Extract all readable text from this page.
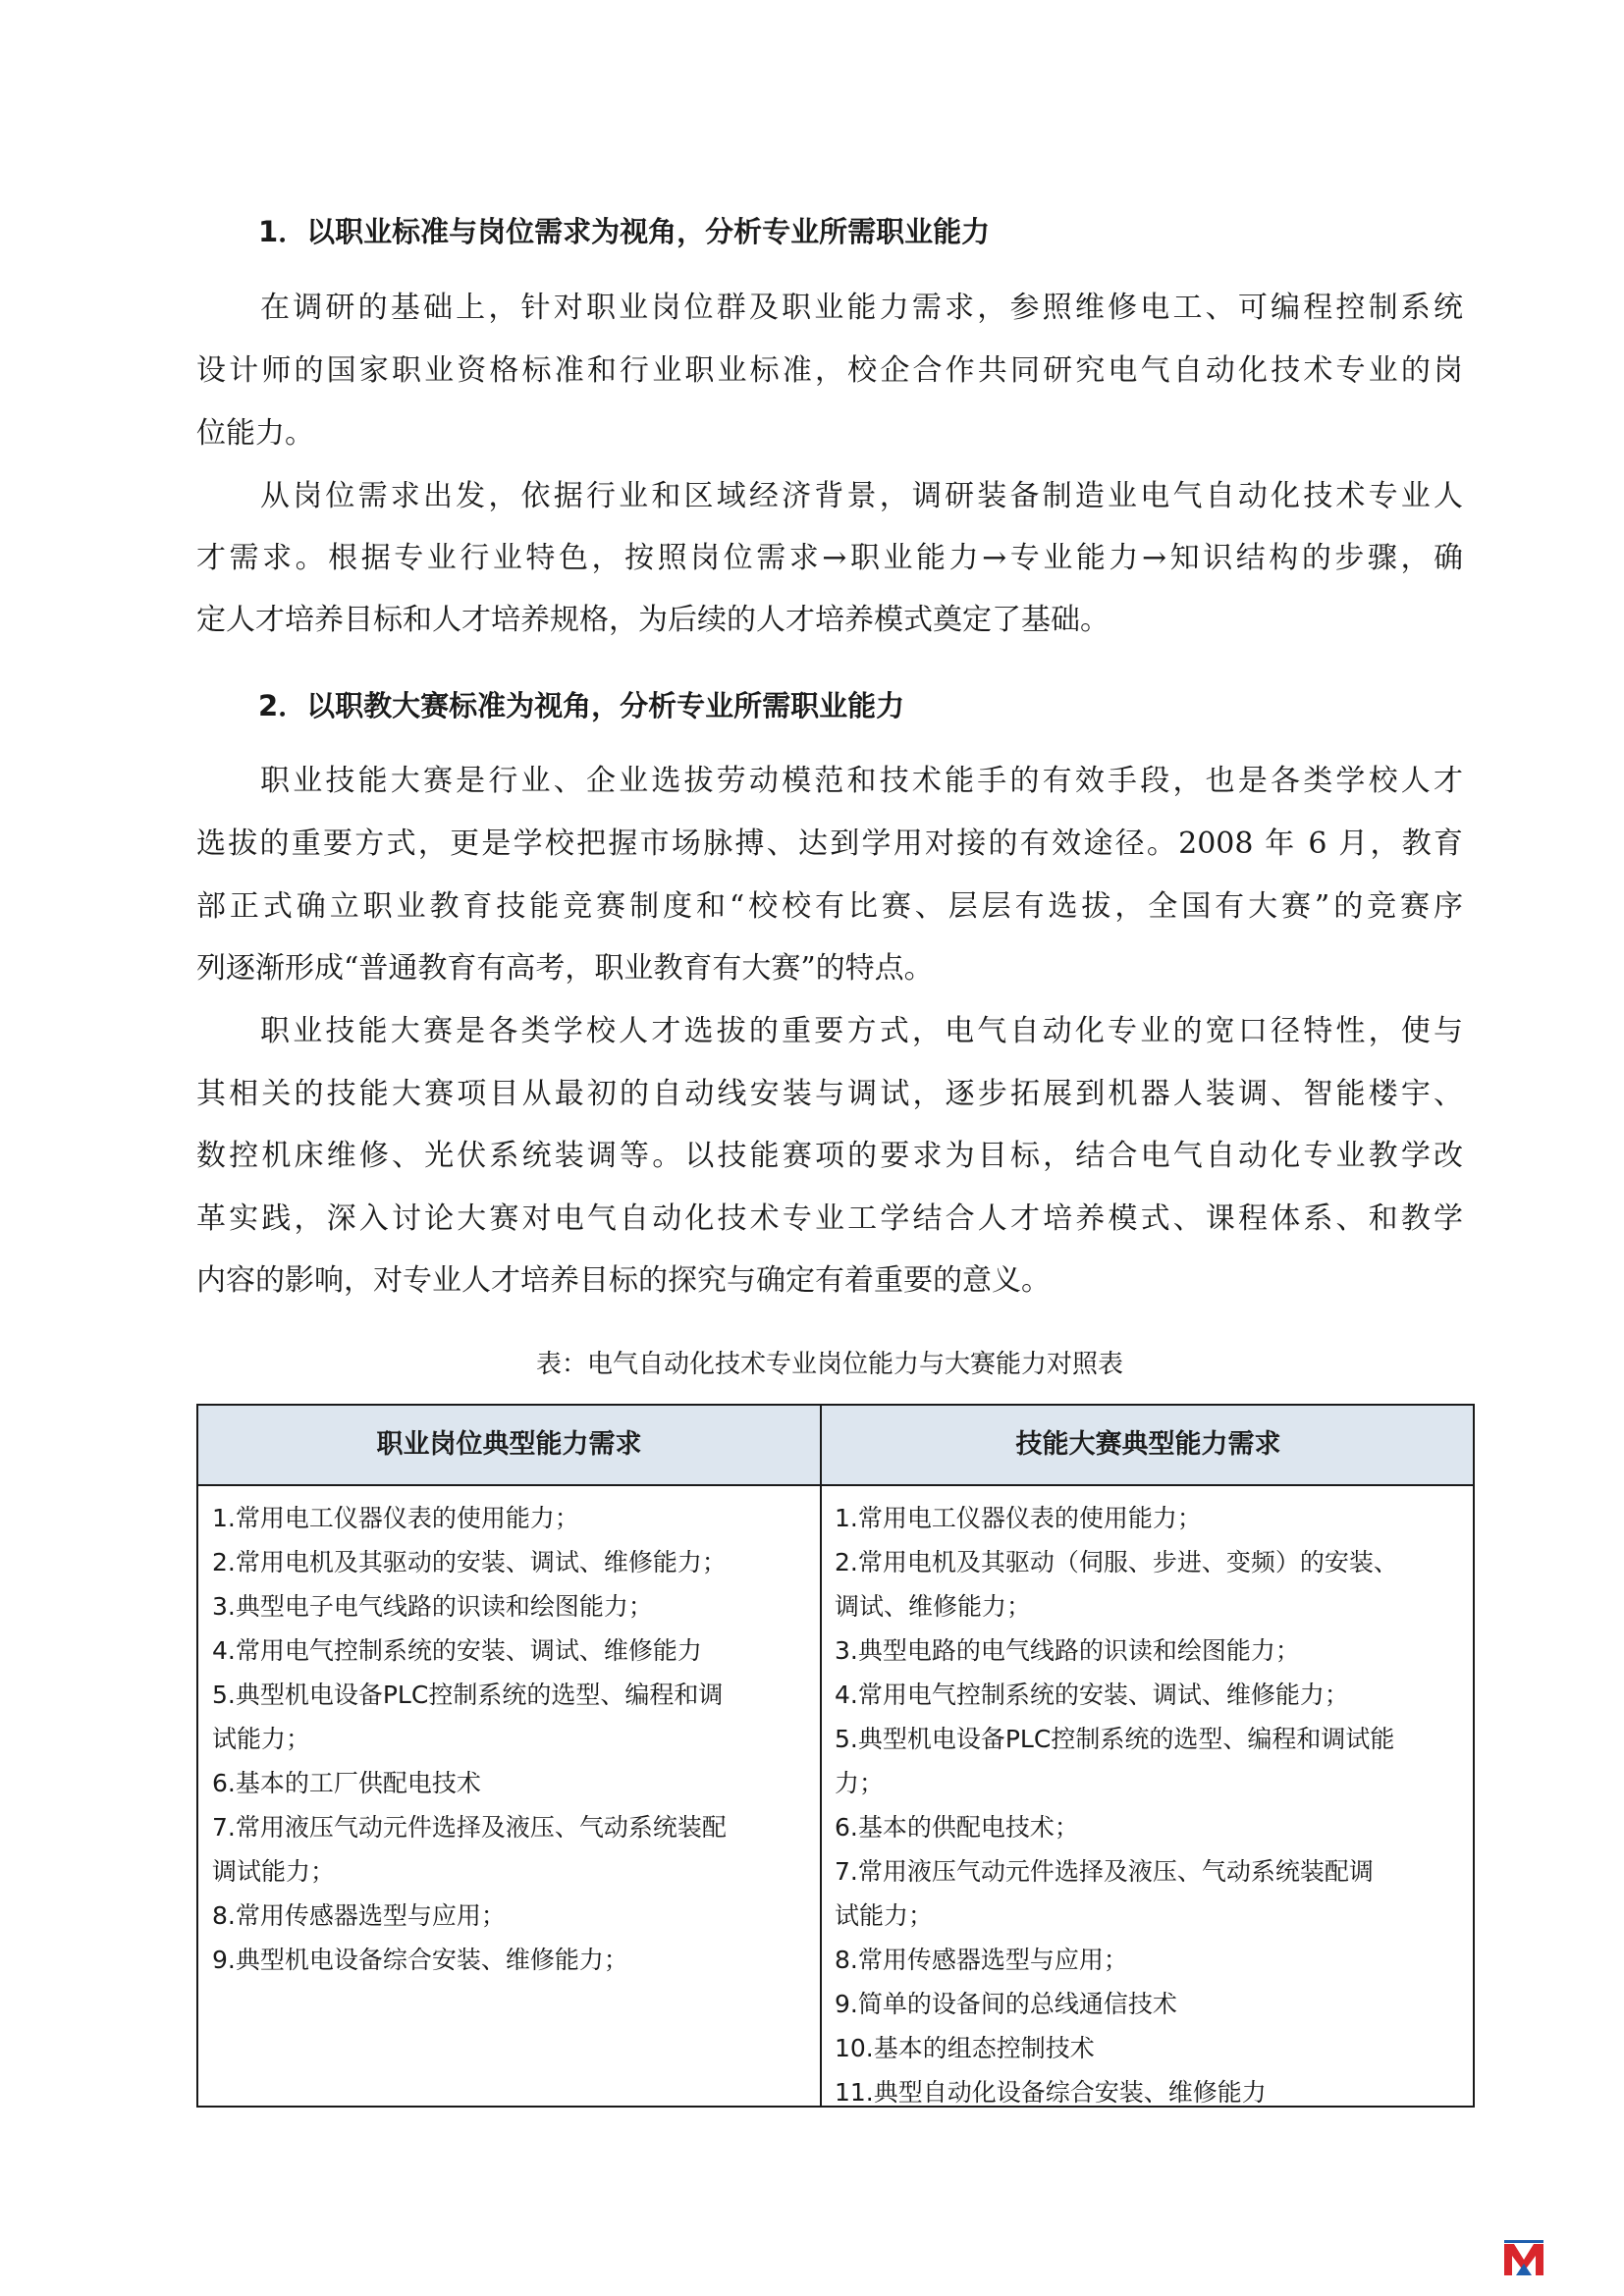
1．以职业标准与岗位需求为视角，分析专业所需职业能力
在调研的基础上，针对职业岗位群及职业能力需求，参照维修电工、可编程控制系统
设计师的国家职业资格标准和行业职业标准，校企合作共同研究电气自动化技术专业的岗
位能力。
从岗位需求出发，依据行业和区域经济背景，调研装备制造业电气自动化技术专业人
才需求。根据专业行业特色，按照岗位需求→职业能力→专业能力→知识结构的步骤，确
定人才培养目标和人才培养规格，为后续的人才培养模式奠定了基础。
2．以职教大赛标准为视角，分析专业所需职业能力
职业技能大赛是行业、企业选拔劳动模范和技术能手的有效手段，也是各类学校人才
选拔的重要方式，更是学校把握市场脉搏、达到学用对接的有效途径。2008 年 6 月，教育
部正式确立职业教育技能竞赛制度和“校校有比赛、层层有选拔，全国有大赛”的竞赛序
列逐渐形成“普通教育有高考，职业教育有大赛”的特点。
职业技能大赛是各类学校人才选拔的重要方式，电气自动化专业的宽口径特性，使与
其相关的技能大赛项目从最初的自动线安装与调试，逐步拓展到机器人装调、智能楼宇、
数控机床维修、光伏系统装调等。以技能赛项的要求为目标，结合电气自动化专业教学改
革实践，深入讨论大赛对电气自动化技术专业工学结合人才培养模式、课程体系、和教学
内容的影响，对专业人才培养目标的探究与确定有着重要的意义。
表：电气自动化技术专业岗位能力与大赛能力对照表
职业岗位典型能力需求	技能大赛典型能力需求
1.常用电工仪器仪表的使用能力；
2.常用电机及其驱动的安装、调试、维修能力；
3.典型电子电气线路的识读和绘图能力；
4.常用电气控制系统的安装、调试、维修能力
5.典型机电设备PLC控制系统的选型、编程和调
试能力；
6.基本的工厂供配电技术
7.常用液压气动元件选择及液压、气动系统装配
调试能力；
8.常用传感器选型与应用；
9.典型机电设备综合安装、维修能力；
1.常用电工仪器仪表的使用能力；
2.常用电机及其驱动（伺服、步进、变频）的安装、
调试、维修能力；
3.典型电路的电气线路的识读和绘图能力；
4.常用电气控制系统的安装、调试、维修能力；
5.典型机电设备PLC控制系统的选型、编程和调试能
力；
6.基本的供配电技术；
7.常用液压气动元件选择及液压、气动系统装配调
试能力；
8.常用传感器选型与应用；
9.简单的设备间的总线通信技术
10.基本的组态控制技术
11.典型自动化设备综合安装、维修能力
